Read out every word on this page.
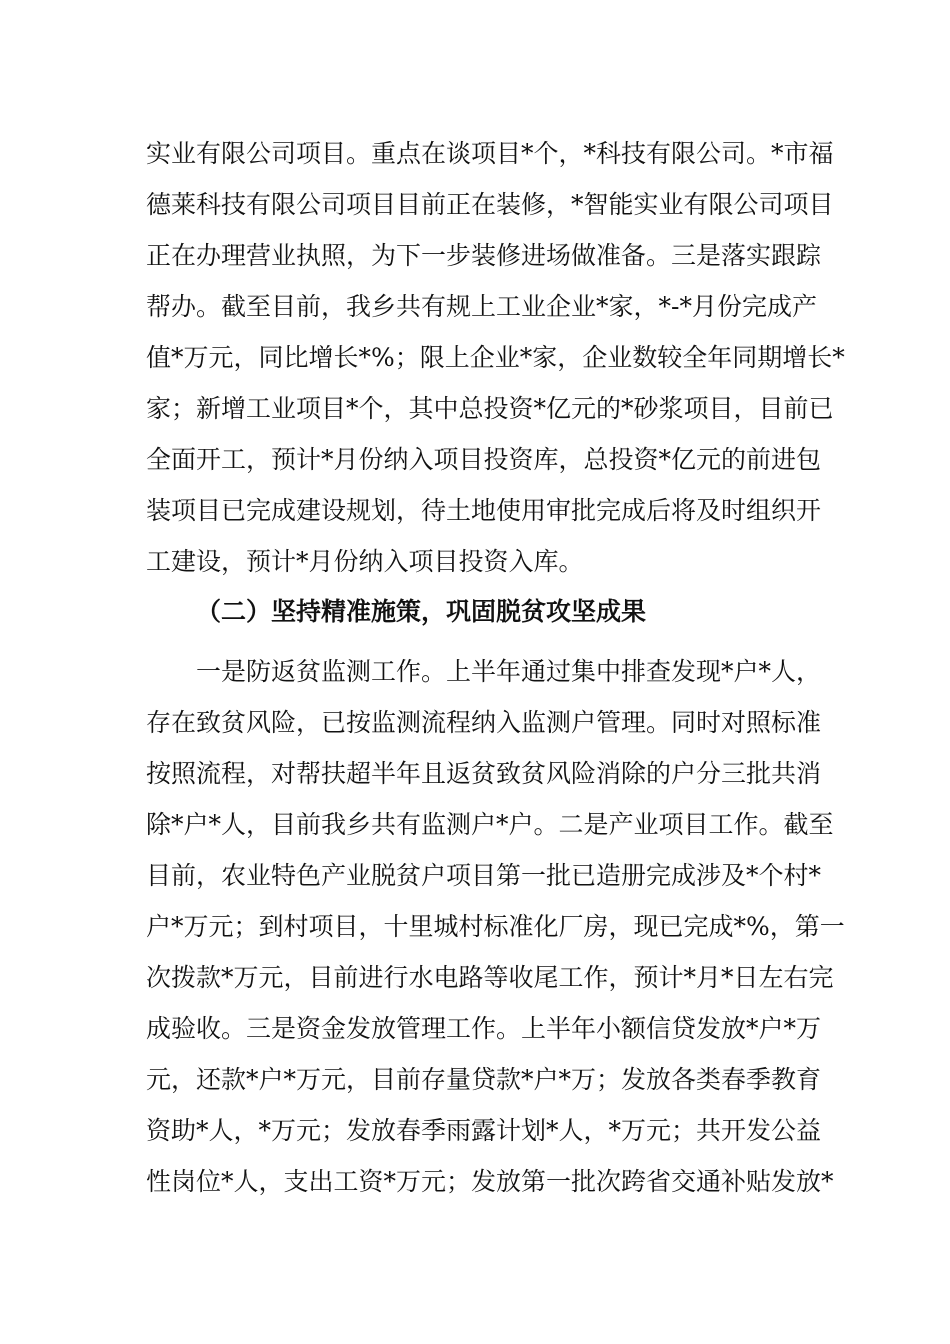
实业有限公司项目。重点在谈项目*个，*科技有限公司。*市福
德莱科技有限公司项目目前正在装修，*智能实业有限公司项目
正在办理营业执照，为下一步装修进场做准备。三是落实跟踪
帮办。截至目前，我乡共有规上工业企业*家，*-*月份完成产
值*万元，同比增长*%；限上企业*家，企业数较全年同期增长*
家；新增工业项目*个，其中总投资*亿元的*砂浆项目，目前已
全面开工，预计*月份纳入项目投资库，总投资*亿元的前进包
装项目已完成建设规划，待土地使用审批完成后将及时组织开
工建设，预计*月份纳入项目投资入库。
（二）坚持精准施策，巩固脱贫攻坚成果
一是防返贫监测工作。上半年通过集中排查发现*户*人，
存在致贫风险，已按监测流程纳入监测户管理。同时对照标准
按照流程，对帮扶超半年且返贫致贫风险消除的户分三批共消
除*户*人，目前我乡共有监测户*户。二是产业项目工作。截至
目前，农业特色产业脱贫户项目第一批已造册完成涉及*个村*
户*万元；到村项目，十里城村标准化厂房，现已完成*%，第一
次拨款*万元，目前进行水电路等收尾工作，预计*月*日左右完
成验收。三是资金发放管理工作。上半年小额信贷发放*户*万
元，还款*户*万元，目前存量贷款*户*万；发放各类春季教育
资助*人，*万元；发放春季雨露计划*人，*万元；共开发公益
性岗位*人，支出工资*万元；发放第一批次跨省交通补贴发放*
